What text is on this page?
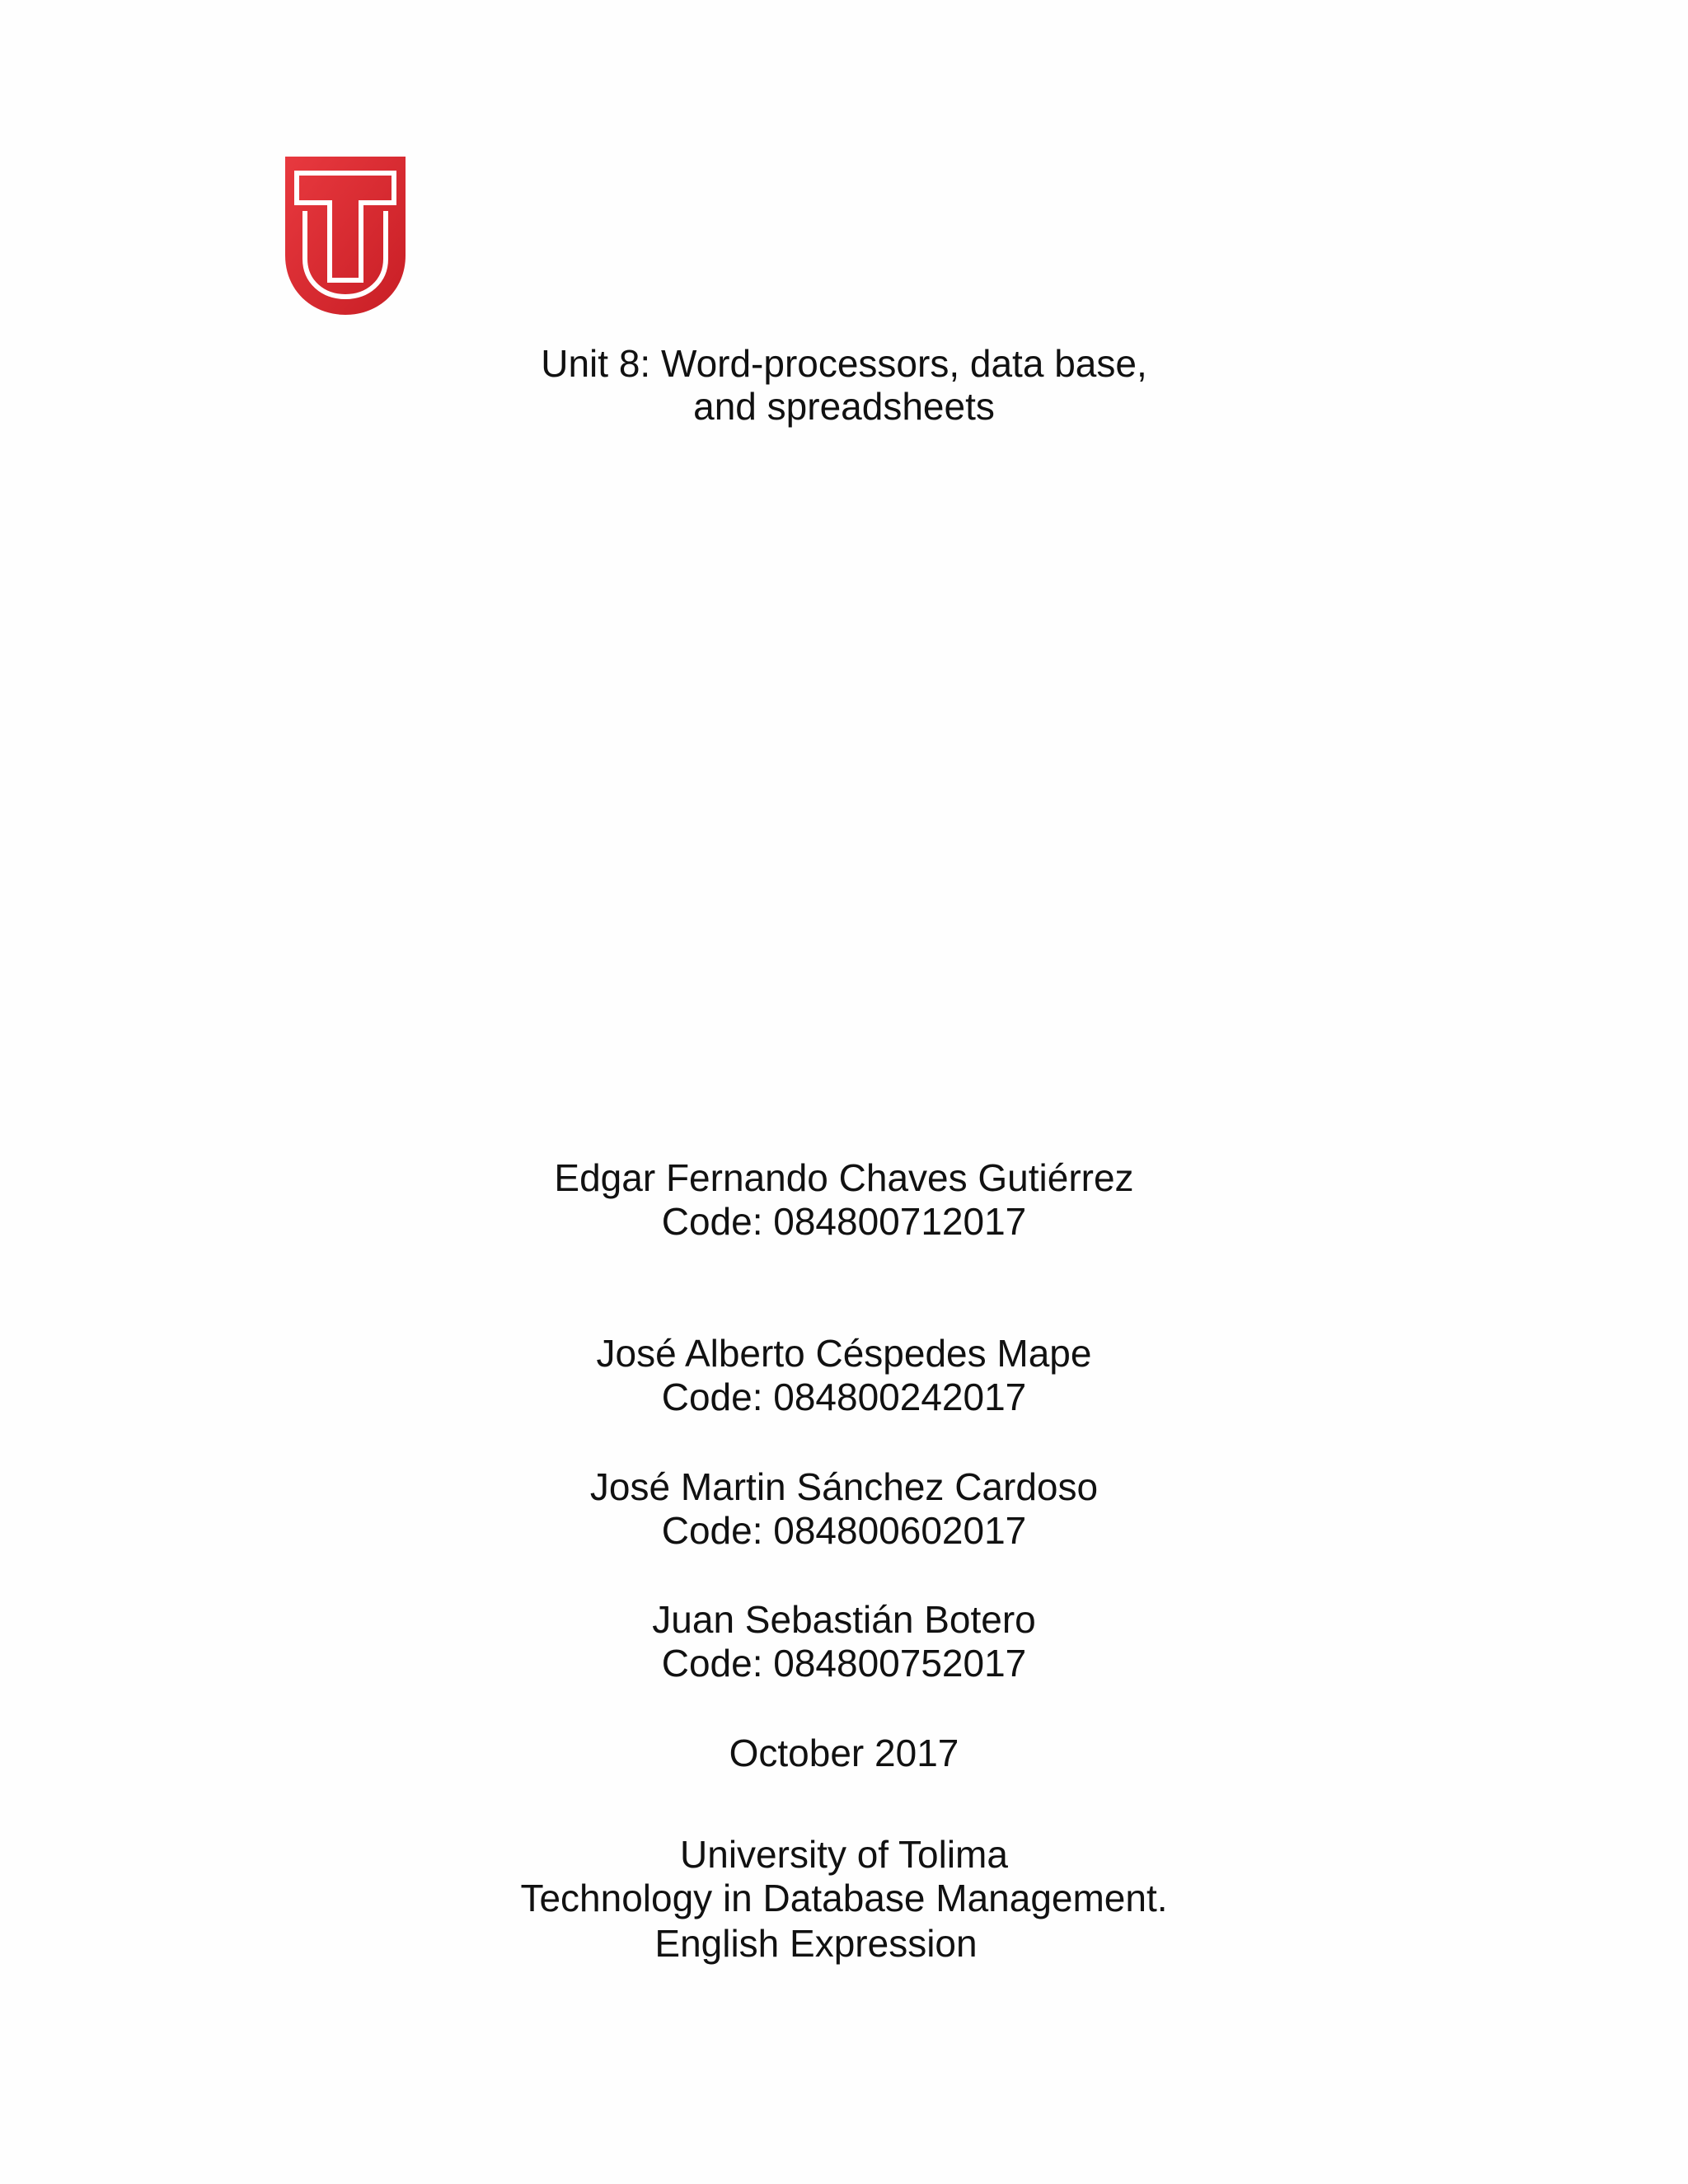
Unit 8: Word-processors, data base,
and spreadsheets
Edgar Fernando Chaves Gutiérrez
Code: 084800712017
José Alberto Céspedes Mape
Code: 084800242017
José Martin Sánchez Cardoso
Code: 084800602017
Juan Sebastián Botero
Code: 084800752017
October 2017
University of Tolima
Technology in Database Management.
English Expression
